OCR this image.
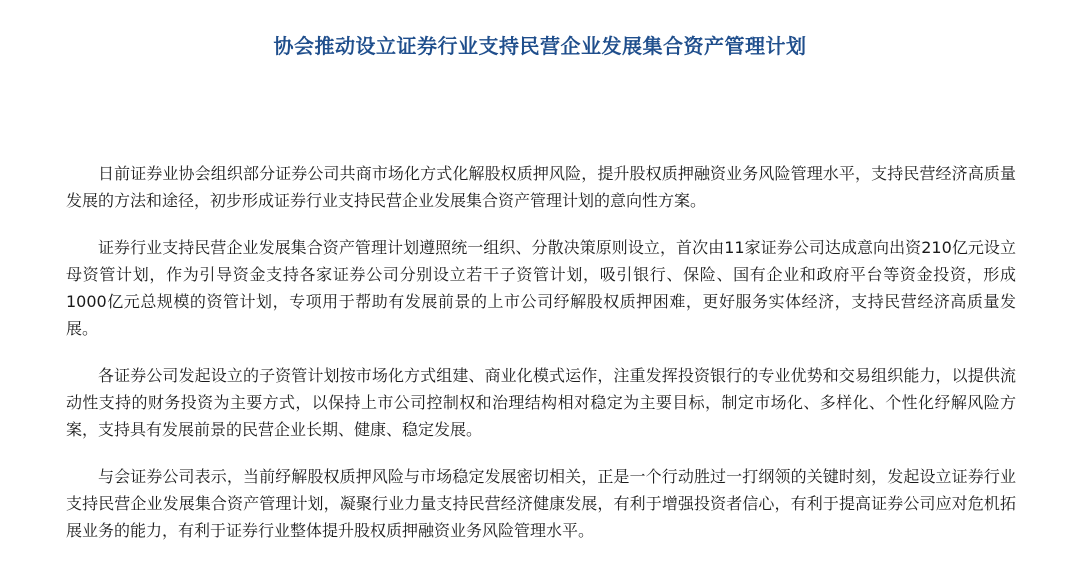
协会推动设立证券行业支持民营企业发展集合资产管理计划

日前证券业协会组织部分证券公司共商市场化方式化解股权质押风险，提升股权质押融资业务风险管理水平，支持民营经济高质量发展的方法和途径，初步形成证券行业支持民营企业发展集合资产管理计划的意向性方案。

证券行业支持民营企业发展集合资产管理计划遵照统一组织、分散决策原则设立，首次由11家证券公司达成意向出资210亿元设立母资管计划，作为引导资金支持各家证券公司分别设立若干子资管计划，吸引银行、保险、国有企业和政府平台等资金投资，形成1000亿元总规模的资管计划，专项用于帮助有发展前景的上市公司纾解股权质押困难，更好服务实体经济，支持民营经济高质量发展。

各证券公司发起设立的子资管计划按市场化方式组建、商业化模式运作，注重发挥投资银行的专业优势和交易组织能力，以提供流动性支持的财务投资为主要方式，以保持上市公司控制权和治理结构相对稳定为主要目标，制定市场化、多样化、个性化纾解风险方案，支持具有发展前景的民营企业长期、健康、稳定发展。

与会证券公司表示，当前纾解股权质押风险与市场稳定发展密切相关，正是一个行动胜过一打纲领的关键时刻，发起设立证券行业支持民营企业发展集合资产管理计划，凝聚行业力量支持民营经济健康发展，有利于增强投资者信心，有利于提高证券公司应对危机拓展业务的能力，有利于证券行业整体提升股权质押融资业务风险管理水平。
